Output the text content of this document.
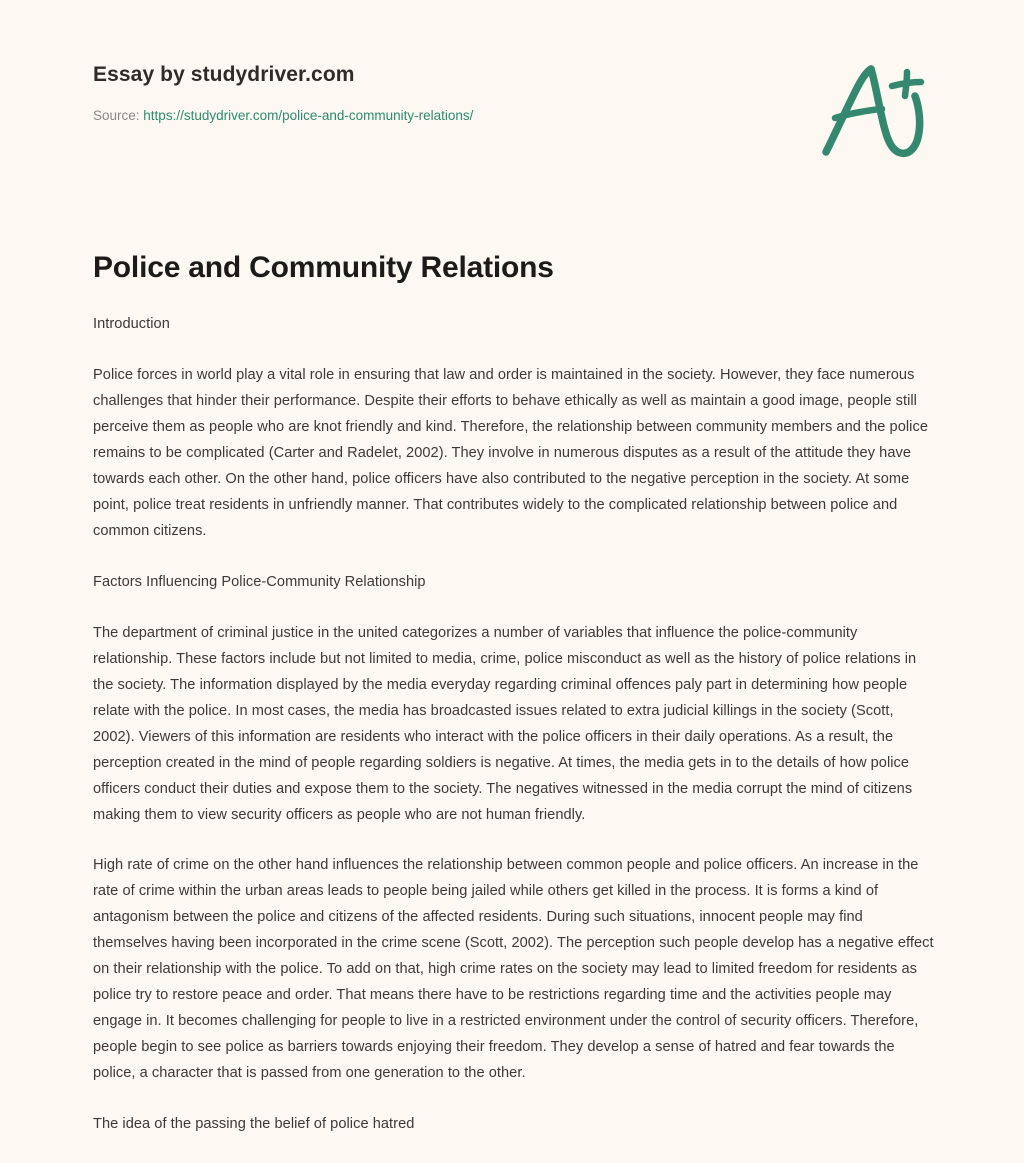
Essay by studydriver.com
Source: https://studydriver.com/police-and-community-relations/
Police and Community Relations
Introduction

Police forces in world play a vital role in ensuring that law and order is maintained in the society. However, they face numerous challenges that hinder their performance. Despite their efforts to behave ethically as well as maintain a good image, people still perceive them as people who are knot friendly and kind. Therefore, the relationship between community members and the police remains to be complicated (Carter and Radelet, 2002). They involve in numerous disputes as a result of the attitude they have towards each other. On the other hand, police officers have also contributed to the negative perception in the society. At some point, police treat residents in unfriendly manner. That contributes widely to the complicated relationship between police and common citizens.

Factors Influencing Police-Community Relationship

The department of criminal justice in the united categorizes a number of variables that influence the police-community relationship. These factors include but not limited to media, crime, police misconduct as well as the history of police relations in the society. The information displayed by the media everyday regarding criminal offences paly part in determining how people relate with the police. In most cases, the media has broadcasted issues related to extra judicial killings in the society (Scott, 2002). Viewers of this information are residents who interact with the police officers in their daily operations. As a result, the perception created in the mind of people regarding soldiers is negative. At times, the media gets in to the details of how police officers conduct their duties and expose them to the society. The negatives witnessed in the media corrupt the mind of citizens making them to view security officers as people who are not human friendly.

High rate of crime on the other hand influences the relationship between common people and police officers. An increase in the rate of crime within the urban areas leads to people being jailed while others get killed in the process. It is forms a kind of antagonism between the police and citizens of the affected residents. During such situations, innocent people may find themselves having been incorporated in the crime scene (Scott, 2002). The perception such people develop has a negative effect on their relationship with the police. To add on that, high crime rates on the society may lead to limited freedom for residents as police try to restore peace and order. That means there have to be restrictions regarding time and the activities people may engage in. It becomes challenging for people to live in a restricted environment under the control of security officers. Therefore, people begin to see police as barriers towards enjoying their freedom. They develop a sense of hatred and fear towards the police, a character that is passed from one generation to the other.

The idea of the passing the belief of police hatred
